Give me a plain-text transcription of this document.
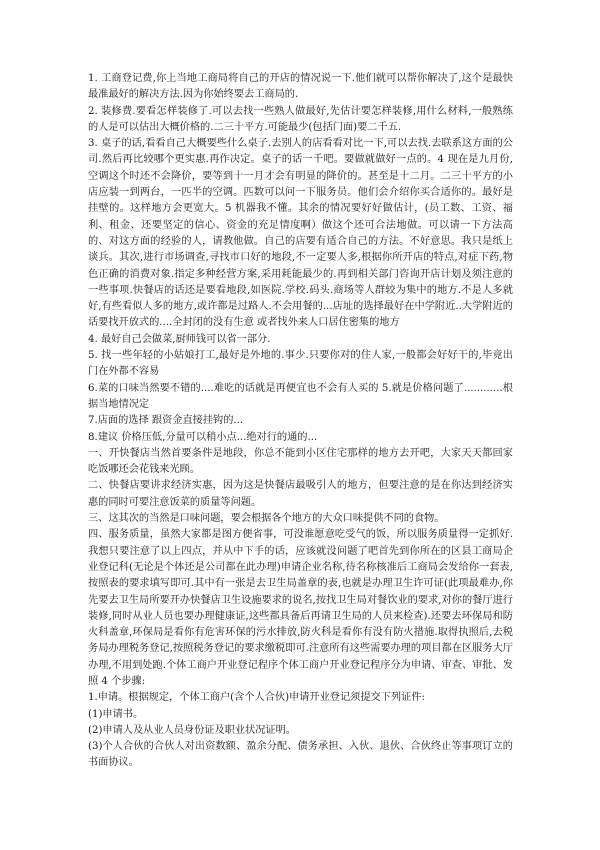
1. 工商登记费,你上当地工商局将自己的开店的情况说一下.他们就可以帮你解决了,这个是最快最准最好的解决方法.因为你始终要去工商局的.

2. 装修费.要看怎样装修了.可以去找一些熟人做最好,先估计要怎样装修,用什么材料,一般熟练的人是可以估出大概价格的.二三十平方.可能最少(包括门面)要二千五.

3. 桌子的话,看看自己大概要些什么桌子.去别人的店看看对比一下,可以去找.去联系这方面的公司.然后再比较哪个更实惠.再作决定。桌子的话一千吧。要做就做好一点的。4 现在是九月份,空调这个时还不会降价，要等到十一月才会有明显的降价的。甚至是十二月。二三十平方的小店应装一到两台，一匹半的空调。匹数可以问一下服务员。他们会介绍你买合适你的。最好是挂壁的。这样地方会更宽大。5 机器我不懂。其余的情况要好好做估计，(员工数、工资、福利、租金、还要坚定的信心、资金的充足情度啊）做这个还可合法地做。可以请一下方法高的、对这方面的经验的人，请教他做。自己的店要有适合自己的方法。不好意思。我只是纸上谈兵。其次,进行市场调查,寻找市口好的地段,不一定要人多,根据你所开店的特点,对症下药,物色正确的消费对象.指定多种经营方案,采用耗能最少的.再到相关部门咨询开店计划及须注意的一些事项.快餐店的话还是要看地段,如医院.学校.码头.商场等人群较为集中的地方.不是人多就好,有些看似人多的地方,或许都是过路人.不会用餐的...店址的选择最好在中学附近..大学附近的话要找开放式的....全封闭的没有生意 或者找外来人口居住密集的地方

4. 最好自己会做菜,厨师钱可以省一部分.

5. 找一些年轻的小姑娘打工,最好是外地的.事少.只要你对的住人家,一般都会好好干的,毕竟出门在外都不容易

6.菜的口味当然要不错的....难吃的话就是再便宜也不会有人买的 5.就是价格问题了............根据当地情况定

7.店面的选择 跟资金直接挂钩的...

8.建议 价格压低,分量可以稍小点...绝对行的通的...

一、开快餐店当然首要条件是地段，你总不能到小区住宅那样的地方去开吧，大家天天都回家吃饭哪还会花钱来光顾。

二、快餐店要讲求经济实惠，因为这是快餐店最吸引人的地方，但要注意的是在你达到经济实惠的同时可要注意饭菜的质量等问题。

三、这其次的当然是口味问题，要会根据各个地方的大众口味提供不同的食物。

四、服务质量，虽然大家都是图方便省事，可没谁愿意吃受气的饭，所以服务质量得一定抓好.我想只要注意了以上四点，并从中下手的话，应该就没问题了吧首先到你所在的区县工商局企业登记科(无论是个体还是公司都在此办理)申请企业名称,待名称核准后工商局会发给你一套表,按照表的要求填写即可.其中有一张是去卫生局盖章的表,也就是办理卫生许可证(此项最难办,你先要去卫生局所要开办快餐店卫生设施要求的说名,按找卫生局对餐饮业的要求,对你的餐厅进行装修,同时从业人员也要办理健康证,这些都具备后再请卫生局的人员来检查).还要去环保局和防火科盖章,环保局是看你有危害环保的污水排放,防火科是看你有没有防火措施.取得执照后,去税务局办理税务登记,按照税务登记的要求缴税即可.注意所有这些需要办理的项目都在区服务大厅办理,不用到处跑.个体工商户开业登记程序个体工商户开业登记程序分为申请、审查、审批、发照 4 个步骤:

1.申请。根据规定，个体工商户(含个人合伙)申请开业登记须提交下列证件:

(1)申请书。

(2)申请人及从业人员身份证及职业状况证明。

(3)个人合伙的合伙人对出资数额、盈余分配、债务承担、入伙、退伙、合伙终止等事项订立的书面协议。
